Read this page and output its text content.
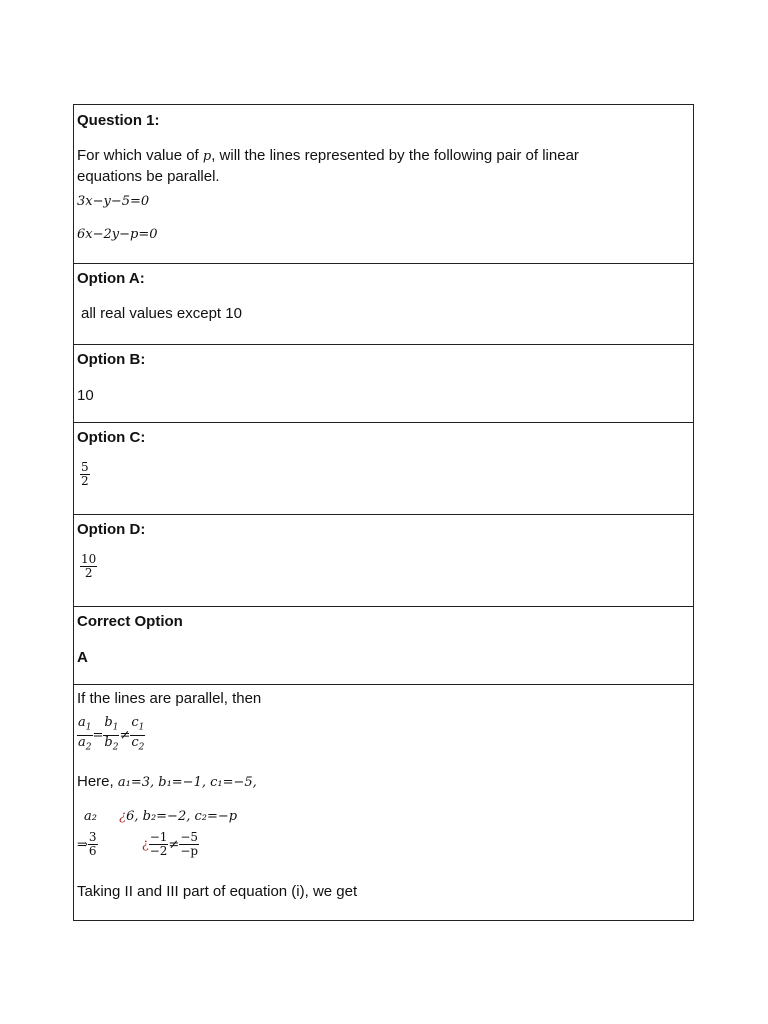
Question 1:
For which value of p, will the lines represented by the following pair of linear
equations be parallel.
3x−y−5=0
6x−2y−p=0
Option A:
all real values except 10
Option B:
10
Option C:
$\frac{5}{2}$
Option D:
$\frac{10}{2}$
Correct Option
A
If the lines are parallel, then
$\frac{a_1}{a_2} = \frac{b_1}{b_2} \ne \frac{c_1}{c_2}$
Here, a₁=3, b₁=−1, c₁=−5,
a₂ ¿6, b₂=−2, c₂=−p
⇒ $\frac{3}{6}$	¿ $\frac{-1}{-2} \ne \frac{-5}{-p}$
Taking II and III part of equation (i), we get
